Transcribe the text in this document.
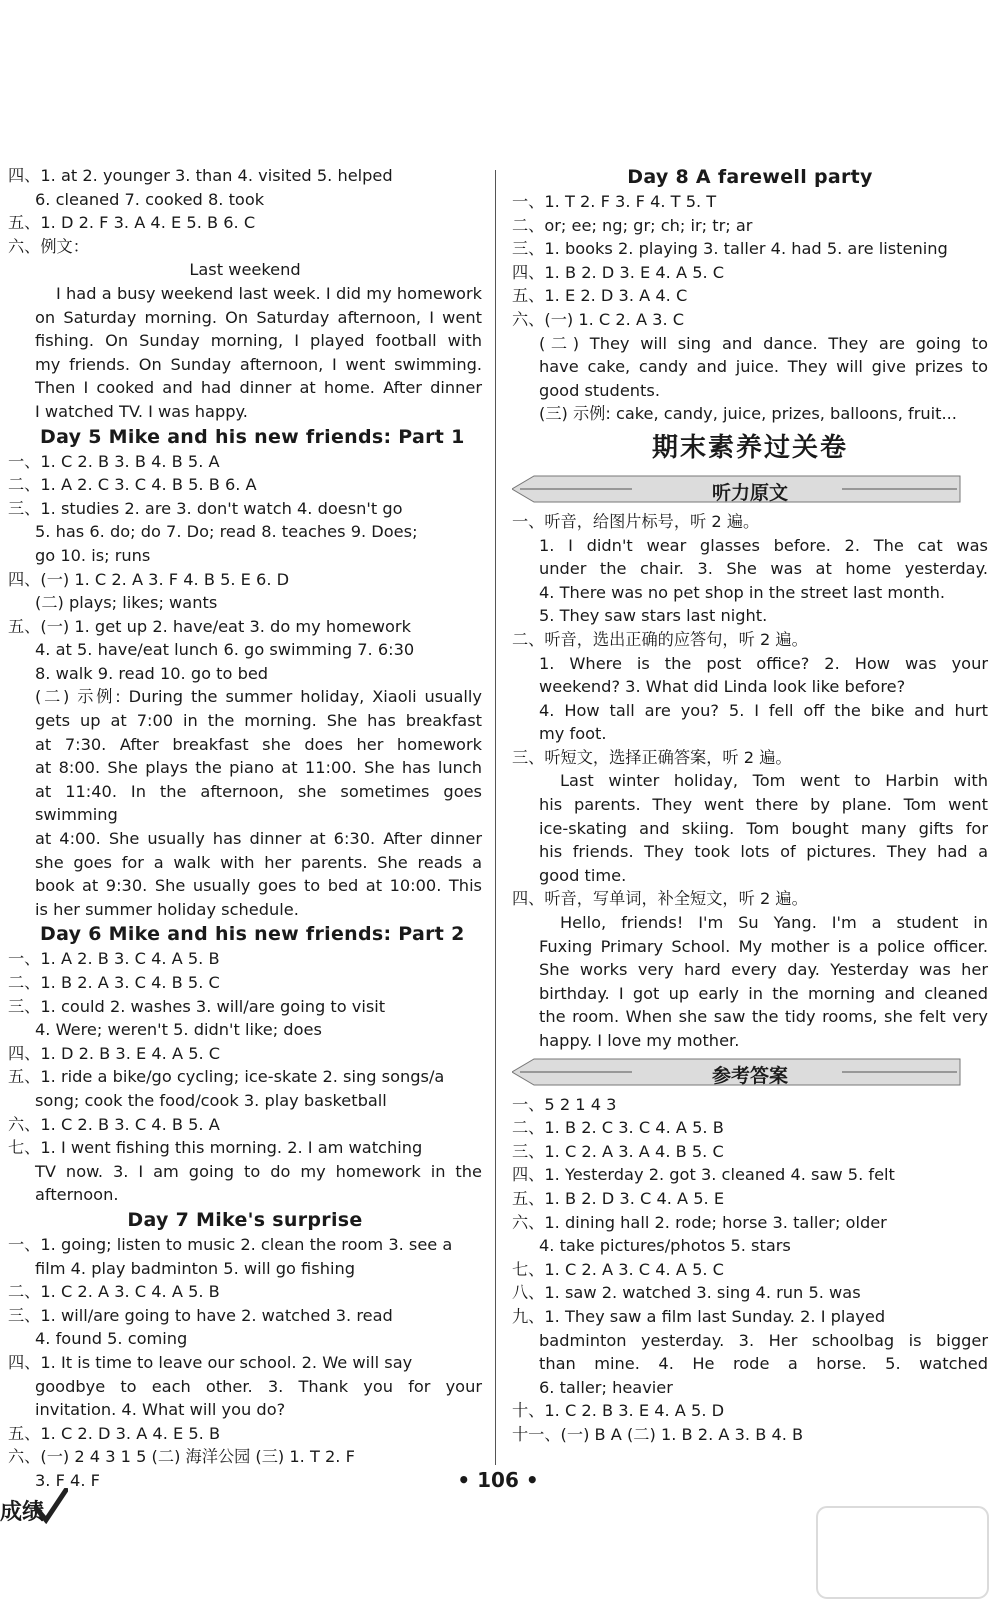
四、1. at 2. younger 3. than 4. visited 5. helped
6. cleaned 7. cooked 8. took
五、1. D 2. F 3. A 4. E 5. B 6. C
六、例文：
Last weekend
I had a busy weekend last week. I did my homework
on Saturday morning. On Saturday afternoon, I went
fishing. On Sunday morning, I played football with
my friends. On Sunday afternoon, I went swimming.
Then I cooked and had dinner at home. After dinner
I watched TV. I was happy.
Day 5 Mike and his new friends: Part 1
一、1. C 2. B 3. B 4. B 5. A
二、1. A 2. C 3. C 4. B 5. B 6. A
三、1. studies 2. are 3. don't watch 4. doesn't go
5. has 6. do; do 7. Do; read 8. teaches 9. Does;
go 10. is; runs
四、(一) 1. C 2. A 3. F 4. B 5. E 6. D
(二) plays; likes; wants
五、(一) 1. get up 2. have/eat 3. do my homework
4. at 5. have/eat lunch 6. go swimming 7. 6:30
8. walk 9. read 10. go to bed
(二) 示例: During the summer holiday, Xiaoli usually
gets up at 7:00 in the morning. She has breakfast
at 7:30. After breakfast she does her homework
at 8:00. She plays the piano at 11:00. She has lunch
at 11:40. In the afternoon, she sometimes goes swimming
at 4:00. She usually has dinner at 6:30. After dinner
she goes for a walk with her parents. She reads a
book at 9:30. She usually goes to bed at 10:00. This
is her summer holiday schedule.
Day 6 Mike and his new friends: Part 2
一、1. A 2. B 3. C 4. A 5. B
二、1. B 2. A 3. C 4. B 5. C
三、1. could 2. washes 3. will/are going to visit
4. Were; weren't 5. didn't like; does
四、1. D 2. B 3. E 4. A 5. C
五、1. ride a bike/go cycling; ice-skate 2. sing songs/a
song; cook the food/cook 3. play basketball
六、1. C 2. B 3. C 4. B 5. A
七、1. I went fishing this morning. 2. I am watching
TV now. 3. I am going to do my homework in the
afternoon.
Day 7 Mike's surprise
一、1. going; listen to music 2. clean the room 3. see a
film 4. play badminton 5. will go fishing
二、1. C 2. A 3. C 4. A 5. B
三、1. will/are going to have 2. watched 3. read
4. found 5. coming
四、1. It is time to leave our school. 2. We will say
goodbye to each other. 3. Thank you for your
invitation. 4. What will you do?
五、1. C 2. D 3. A 4. E 5. B
六、(一) 2 4 3 1 5 (二) 海洋公园 (三) 1. T 2. F
3. F 4. F
Day 8 A farewell party
一、1. T 2. F 3. F 4. T 5. T
二、or; ee; ng; gr; ch; ir; tr; ar
三、1. books 2. playing 3. taller 4. had 5. are listening
四、1. B 2. D 3. E 4. A 5. C
五、1. E 2. D 3. A 4. C
六、(一) 1. C 2. A 3. C
(二) They will sing and dance. They are going to
have cake, candy and juice. They will give prizes to
good students.
(三) 示例: cake, candy, juice, prizes, balloons, fruit...
期末素养过关卷
听力原文
一、听音，给图片标号，听 2 遍。
1. I didn't wear glasses before. 2. The cat was
under the chair. 3. She was at home yesterday.
4. There was no pet shop in the street last month.
5. They saw stars last night.
二、听音，选出正确的应答句，听 2 遍。
1. Where is the post office? 2. How was your
weekend? 3. What did Linda look like before?
4. How tall are you? 5. I fell off the bike and hurt
my foot.
三、听短文，选择正确答案，听 2 遍。
Last winter holiday, Tom went to Harbin with
his parents. They went there by plane. Tom went
ice-skating and skiing. Tom bought many gifts for
his friends. They took lots of pictures. They had a
good time.
四、听音，写单词，补全短文，听 2 遍。
Hello, friends! I'm Su Yang. I'm a student in
Fuxing Primary School. My mother is a police officer.
She works very hard every day. Yesterday was her
birthday. I got up early in the morning and cleaned
the room. When she saw the tidy rooms, she felt very
happy. I love my mother.
参考答案
一、5 2 1 4 3
二、1. B 2. C 3. C 4. A 5. B
三、1. C 2. A 3. A 4. B 5. C
四、1. Yesterday 2. got 3. cleaned 4. saw 5. felt
五、1. B 2. D 3. C 4. A 5. E
六、1. dining hall 2. rode; horse 3. taller; older
4. take pictures/photos 5. stars
七、1. C 2. A 3. C 4. A 5. C
八、1. saw 2. watched 3. sing 4. run 5. was
九、1. They saw a film last Sunday. 2. I played
badminton yesterday. 3. Her schoolbag is bigger
than mine. 4. He rode a horse. 5. watched
6. taller; heavier
十、1. C 2. B 3. E 4. A 5. D
十一、(一) B A (二) 1. B 2. A 3. B 4. B
• 106 •
成绩
